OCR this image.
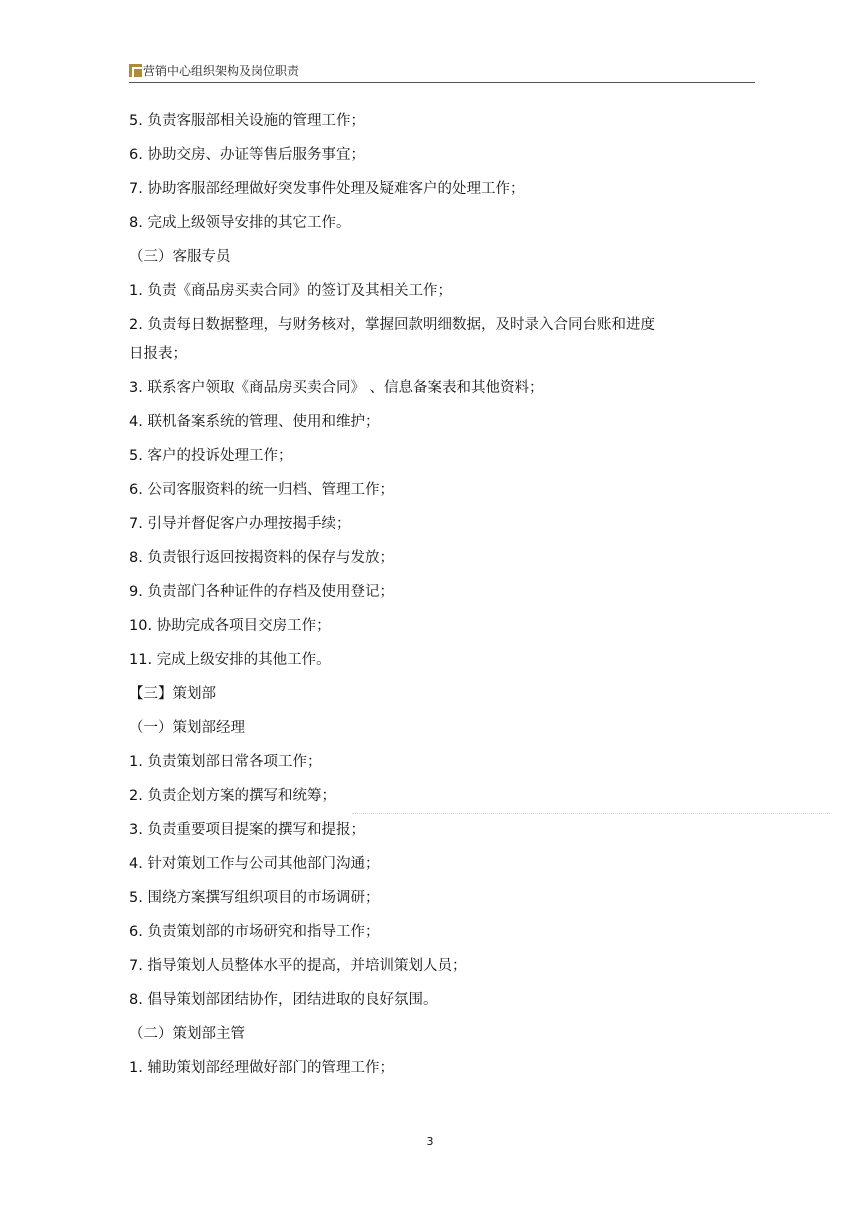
营销中心组织架构及岗位职责
5. 负责客服部相关设施的管理工作；
6. 协助交房、办证等售后服务事宜；
7. 协助客服部经理做好突发事件处理及疑难客户的处理工作；
8. 完成上级领导安排的其它工作。
（三）客服专员
1. 负责《商品房买卖合同》的签订及其相关工作；
2. 负责每日数据整理，与财务核对，掌握回款明细数据，及时录入合同台账和进度
日报表；
3. 联系客户领取《商品房买卖合同》 、信息备案表和其他资料；
4. 联机备案系统的管理、使用和维护；
5. 客户的投诉处理工作；
6. 公司客服资料的统一归档、管理工作；
7. 引导并督促客户办理按揭手续；
8. 负责银行返回按揭资料的保存与发放；
9. 负责部门各种证件的存档及使用登记；
10. 协助完成各项目交房工作；
11. 完成上级安排的其他工作。
【三】策划部
（一）策划部经理
1. 负责策划部日常各项工作；
2. 负责企划方案的撰写和统筹；
3. 负责重要项目提案的撰写和提报；
4. 针对策划工作与公司其他部门沟通；
5. 围绕方案撰写组织项目的市场调研；
6. 负责策划部的市场研究和指导工作；
7. 指导策划人员整体水平的提高，并培训策划人员；
8. 倡导策划部团结协作，团结进取的良好氛围。
（二）策划部主管
1. 辅助策划部经理做好部门的管理工作；
3
